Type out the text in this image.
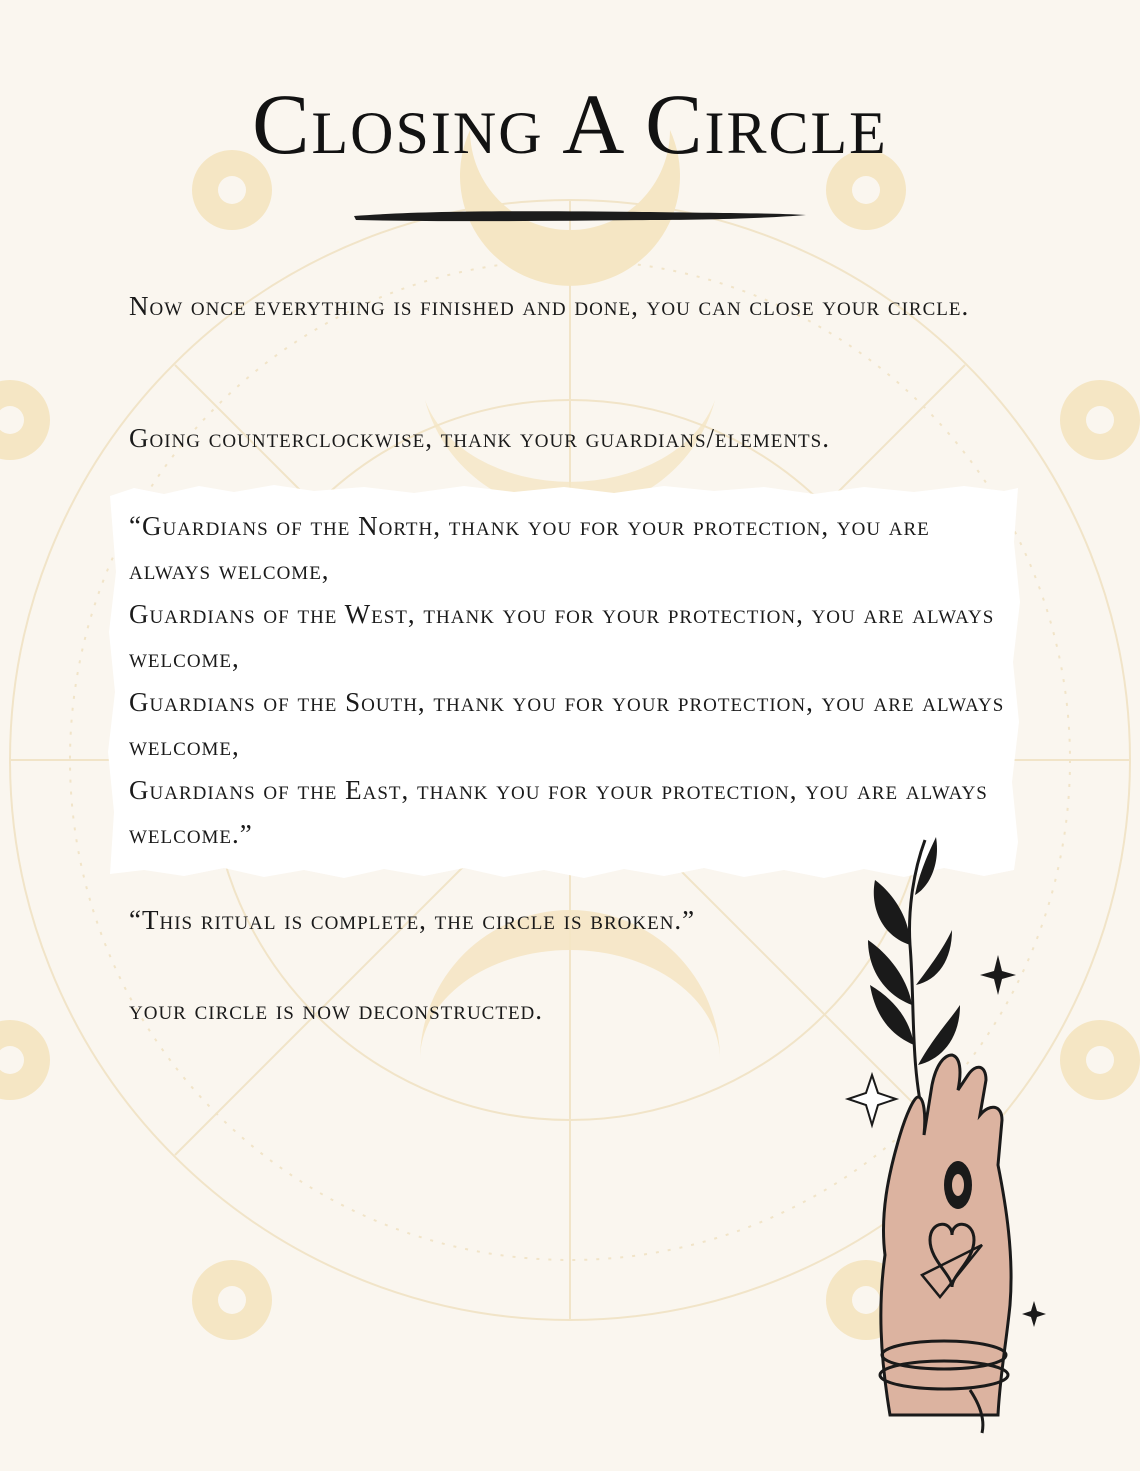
Closing A Circle

Now once everything is finished and done, you can close your circle.

Going counterclockwise, thank your guardians/elements.

“Guardians of the North, thank you for your protection, you are always welcome,
Guardians of the West, thank you for your protection, you are always welcome,
Guardians of the South, thank you for your protection, you are always welcome,
Guardians of the East, thank you for your protection, you are always welcome.”

“This ritual is complete, the circle is broken.”

your circle is now deconstructed.
